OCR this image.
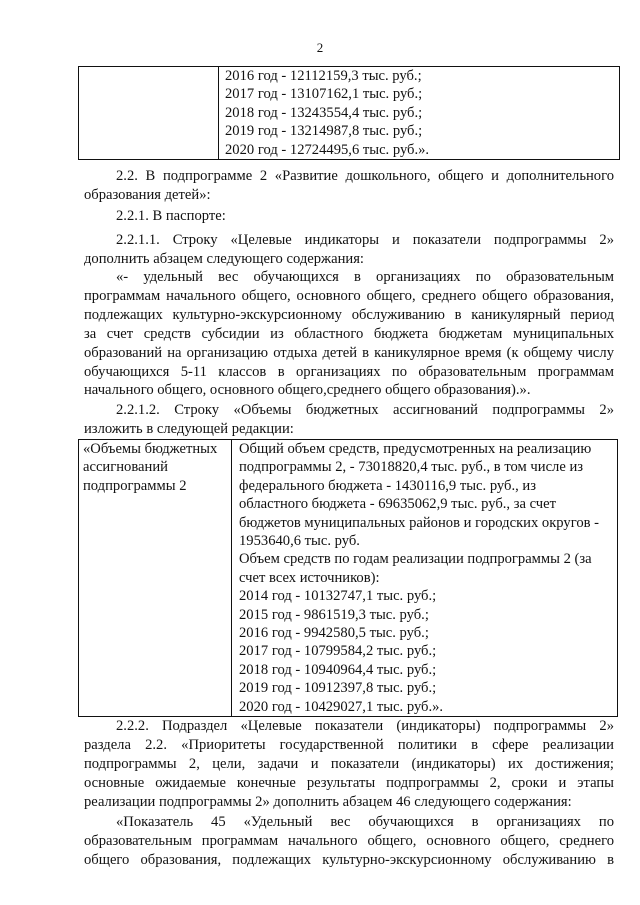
2

2016 год - 12112159,3 тыс. руб.;
2017 год - 13107162,1 тыс. руб.;
2018 год - 13243554,4 тыс. руб.;
2019 год - 13214987,8 тыс. руб.;
2020 год - 12724495,6 тыс. руб.».
2.2. В подпрограмме 2 «Развитие дошкольного, общего и дополнительного
образования детей»:
2.2.1. В паспорте:
2.2.1.1. Строку «Целевые индикаторы и показатели подпрограммы 2»
дополнить абзацем следующего содержания:
«- удельный вес обучающихся в организациях по образовательным
программам начального общего, основного общего, среднего общего образования,
подлежащих культурно-экскурсионному обслуживанию в каникулярный период
за счет средств субсидии из областного бюджета бюджетам муниципальных
образований на организацию отдыха детей в каникулярное время (к общему числу
обучающихся 5-11 классов в организациях по образовательным программам
начального общего, основного общего,среднего общего образования).».
2.2.1.2. Строку «Объемы бюджетных ассигнований подпрограммы 2»
изложить в следующей редакции:
«Объемы бюджетных
ассигнований
подпрограммы 2

Общий объем средств, предусмотренных на реализацию
подпрограммы 2, - 73018820,4 тыс. руб., в том числе из
федерального бюджета - 1430116,9 тыс. руб., из
областного бюджета - 69635062,9 тыс. руб., за счет
бюджетов муниципальных районов и городских округов -
1953640,6 тыс. руб.
Объем средств по годам реализации подпрограммы 2 (за
счет всех источников):
2014 год - 10132747,1 тыс. руб.;
2015 год - 9861519,3 тыс. руб.;
2016 год - 9942580,5 тыс. руб.;
2017 год - 10799584,2 тыс. руб.;
2018 год - 10940964,4 тыс. руб.;
2019 год - 10912397,8 тыс. руб.;
2020 год - 10429027,1 тыс. руб.».
2.2.2. Подраздел «Целевые показатели (индикаторы) подпрограммы 2»
раздела 2.2. «Приоритеты государственной политики в сфере реализации
подпрограммы 2, цели, задачи и показатели (индикаторы) их достижения;
основные ожидаемые конечные результаты подпрограммы 2, сроки и этапы
реализации подпрограммы 2» дополнить абзацем 46 следующего содержания:
«Показатель 45 «Удельный вес обучающихся в организациях по
образовательным программам начального общего, основного общего, среднего
общего образования, подлежащих культурно-экскурсионному обслуживанию в
